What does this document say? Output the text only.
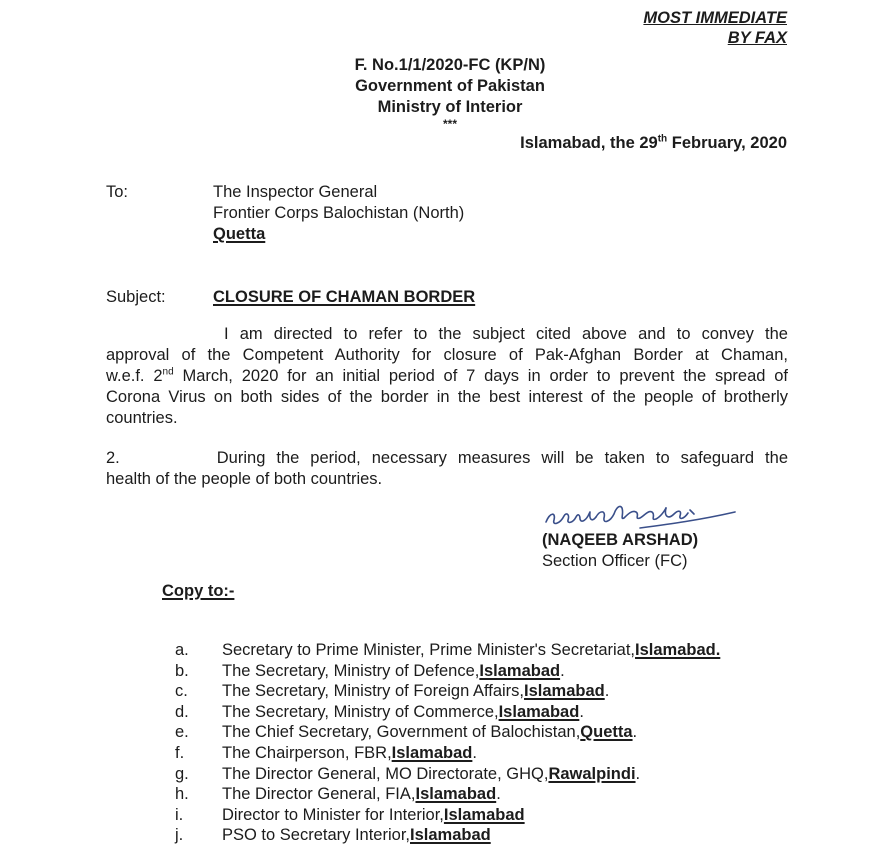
MOST IMMEDIATE
BY FAX
F. No.1/1/2020-FC (KP/N)
Government of Pakistan
Ministry of Interior
***
Islamabad, the 29th February, 2020
To:	The Inspector General
Frontier Corps Balochistan (North)
Quetta
Subject:	CLOSURE OF CHAMAN BORDER
I am directed to refer to the subject cited above and to convey the
approval of the Competent Authority for closure of Pak-Afghan Border at Chaman,
w.e.f. 2nd March, 2020 for an initial period of 7 days in order to prevent the spread of
Corona Virus on both sides of the border in the best interest of the people of brotherly
countries.
2.	During the period, necessary measures will be taken to safeguard the
health of the people of both countries.
(NAQEEB ARSHAD)
Section Officer (FC)
Copy to:-
a.	Secretary to Prime Minister, Prime Minister's Secretariat, Islamabad.
b.	The Secretary, Ministry of Defence, Islamabad .
c.	The Secretary, Ministry of Foreign Affairs, Islamabad .
d.	The Secretary, Ministry of Commerce, Islamabad .
e.	The Chief Secretary, Government of Balochistan, Quetta .
f.	The Chairperson, FBR, Islamabad .
g.	The Director General, MO Directorate, GHQ, Rawalpindi .
h.	The Director General, FIA, Islamabad .
i.	Director to Minister for Interior, Islamabad
j.	PSO to Secretary Interior, Islamabad
